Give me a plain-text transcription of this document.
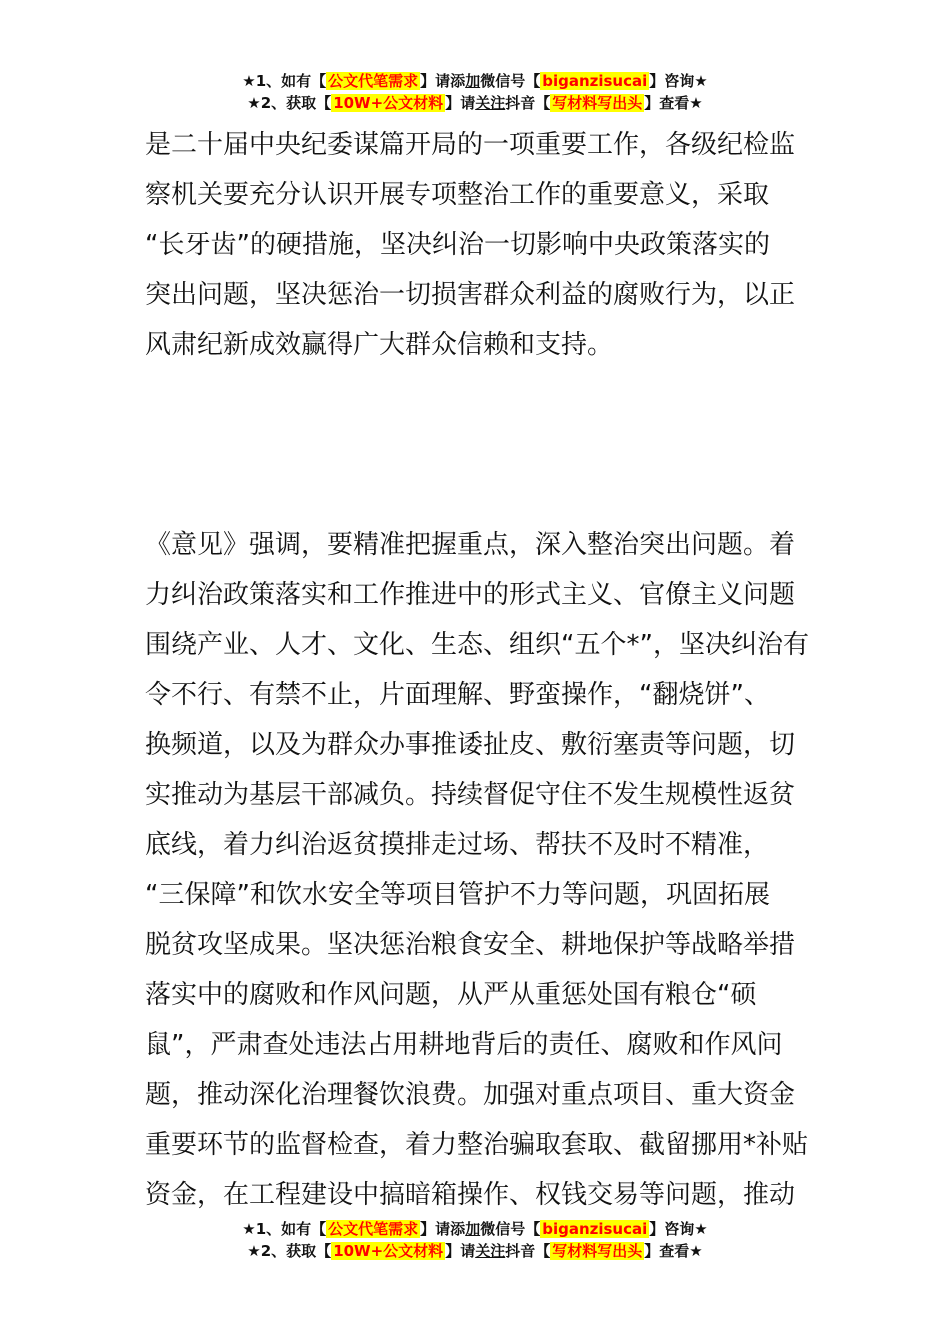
★1、如有【 公文代笔需求 】请添加微信号【 biganzisucai 】咨询★
★2、获取【 10W+公文材料 】请关注抖音【 写材料写出头 】查看★
是二十届中央纪委谋篇开局的一项重要工作，各级纪检监
察机关要充分认识开展专项整治工作的重要意义，采取
“长牙齿”的硬措施，坚决纠治一切影响中央政策落实的
突出问题，坚决惩治一切损害群众利益的腐败行为，以正
风肃纪新成效赢得广大群众信赖和支持。
《意见》强调，要精准把握重点，深入整治突出问题。着
力纠治政策落实和工作推进中的形式主义、官僚主义问题
围绕产业、人才、文化、生态、组织“五个*”，坚决纠治有
令不行、有禁不止，片面理解、野蛮操作，“翻烧饼”、
换频道，以及为群众办事推诿扯皮、敷衍塞责等问题，切
实推动为基层干部减负。持续督促守住不发生规模性返贫
底线，着力纠治返贫摸排走过场、帮扶不及时不精准，
“三保障”和饮水安全等项目管护不力等问题，巩固拓展
脱贫攻坚成果。坚决惩治粮食安全、耕地保护等战略举措
落实中的腐败和作风问题，从严从重惩处国有粮仓“硕
鼠”，严肃查处违法占用耕地背后的责任、腐败和作风问
题，推动深化治理餐饮浪费。加强对重点项目、重大资金
重要环节的监督检查，着力整治骗取套取、截留挪用*补贴
资金，在工程建设中搞暗箱操作、权钱交易等问题，推动
★1、如有【 公文代笔需求 】请添加微信号【 biganzisucai 】咨询★
★2、获取【 10W+公文材料 】请关注抖音【 写材料写出头 】查看★
